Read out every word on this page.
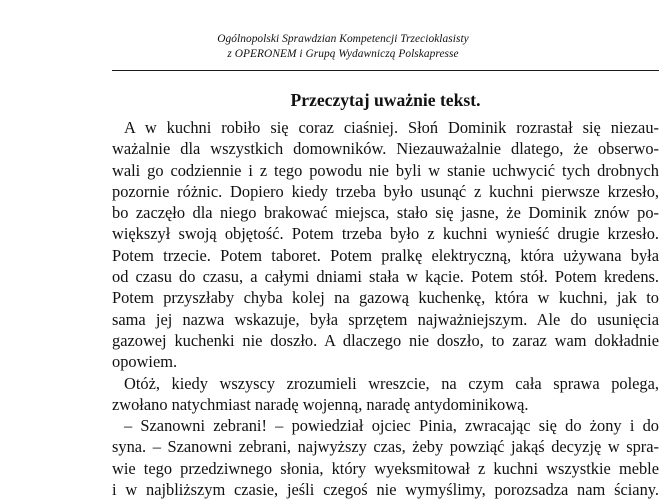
Ogólnopolski Sprawdzian Kompetencji Trzecioklasisty
z OPERONEM i Grupą Wydawniczą Polskapresse
Przeczytaj uważnie tekst.
A w kuchni robiło się coraz ciaśniej. Słoń Dominik rozrastał się niezau-
ważalnie dla wszystkich domowników. Niezauważalnie dlatego, że obserwo-
wali go codziennie i z tego powodu nie byli w stanie uchwycić tych drobnych
pozornie różnic. Dopiero kiedy trzeba było usunąć z kuchni pierwsze krzesło,
bo zaczęło dla niego brakować miejsca, stało się jasne, że Dominik znów po-
większył swoją objętość. Potem trzeba było z kuchni wynieść drugie krzesło.
Potem trzecie. Potem taboret. Potem pralkę elektryczną, która używana była
od czasu do czasu, a całymi dniami stała w kącie. Potem stół. Potem kredens.
Potem przyszłaby chyba kolej na gazową kuchenkę, która w kuchni, jak to
sama jej nazwa wskazuje, była sprzętem najważniejszym. Ale do usunięcia
gazowej kuchenki nie doszło. A dlaczego nie doszło, to zaraz wam dokładnie
opowiem.
Otóż, kiedy wszyscy zrozumieli wreszcie, na czym cała sprawa polega,
zwołano natychmiast naradę wojenną, naradę antydominikową.
– Szanowni zebrani! – powiedział ojciec Pinia, zwracając się do żony i do
syna. – Szanowni zebrani, najwyższy czas, żeby powziąć jakąś decyzję w spra-
wie tego przedziwnego słonia, który wyeksmitował z kuchni wszystkie meble
i w najbliższym czasie, jeśli czegoś nie wymyślimy, porozsadza nam ściany.
